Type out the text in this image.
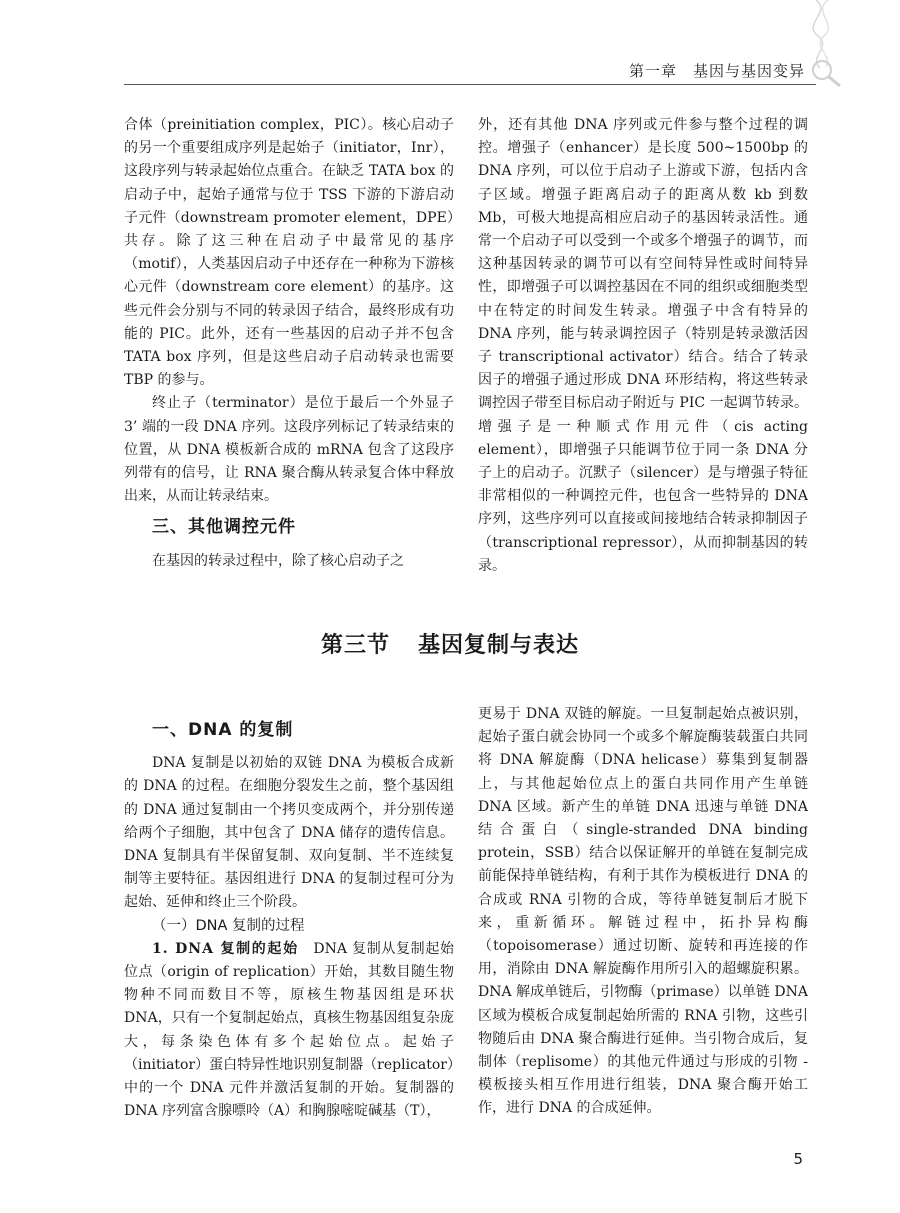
第一章　基因与基因变异

合体（preinitiation complex，PIC）。核心启动子的另一个重要组成序列是起始子（initiator，Inr），这段序列与转录起始位点重合。在缺乏 TATA box 的启动子中，起始子通常与位于 TSS 下游的下游启动子元件（downstream promoter element，DPE）共存。除了这三种在启动子中最常见的基序（motif），人类基因启动子中还存在一种称为下游核心元件（downstream core element）的基序。这些元件会分别与不同的转录因子结合，最终形成有功能的 PIC。此外，还有一些基因的启动子并不包含 TATA box 序列，但是这些启动子启动转录也需要 TBP 的参与。

终止子（terminator）是位于最后一个外显子 3’ 端的一段 DNA 序列。这段序列标记了转录结束的位置，从 DNA 模板新合成的 mRNA 包含了这段序列带有的信号，让 RNA 聚合酶从转录复合体中释放出来，从而让转录结束。

三、其他调控元件

在基因的转录过程中，除了核心启动子之

外，还有其他 DNA 序列或元件参与整个过程的调控。增强子（enhancer）是长度 500~1500bp 的 DNA 序列，可以位于启动子上游或下游，包括内含子区域。增强子距离启动子的距离从数 kb 到数 Mb，可极大地提高相应启动子的基因转录活性。通常一个启动子可以受到一个或多个增强子的调节，而这种基因转录的调节可以有空间特异性或时间特异性，即增强子可以调控基因在不同的组织或细胞类型中在特定的时间发生转录。增强子中含有特异的 DNA 序列，能与转录调控因子（特别是转录激活因子 transcriptional activator）结合。结合了转录因子的增强子通过形成 DNA 环形结构，将这些转录调控因子带至目标启动子附近与 PIC 一起调节转录。增强子是一种顺式作用元件（cis acting element），即增强子只能调节位于同一条 DNA 分子上的启动子。沉默子（silencer）是与增强子特征非常相似的一种调控元件，也包含一些特异的 DNA 序列，这些序列可以直接或间接地结合转录抑制因子（transcriptional repressor），从而抑制基因的转录。

第三节 基因复制与表达
一、DNA 的复制

DNA 复制是以初始的双链 DNA 为模板合成新的 DNA 的过程。在细胞分裂发生之前，整个基因组的 DNA 通过复制由一个拷贝变成两个，并分别传递给两个子细胞，其中包含了 DNA 储存的遗传信息。DNA 复制具有半保留复制、双向复制、半不连续复制等主要特征。基因组进行 DNA 的复制过程可分为起始、延伸和终止三个阶段。

（一）DNA 复制的过程

1. DNA 复制的起始　DNA 复制从复制起始位点（origin of replication）开始，其数目随生物物种不同而数目不等，原核生物基因组是环状 DNA，只有一个复制起始点，真核生物基因组复杂庞大，每条染色体有多个起始位点。起始子（initiator）蛋白特异性地识别复制器（replicator）中的一个 DNA 元件并激活复制的开始。复制器的 DNA 序列富含腺嘌呤（A）和胸腺嘧啶碱基（T），

更易于 DNA 双链的解旋。一旦复制起始点被识别，起始子蛋白就会协同一个或多个解旋酶装载蛋白共同将 DNA 解旋酶（DNA helicase）募集到复制器上，与其他起始位点上的蛋白共同作用产生单链 DNA 区域。新产生的单链 DNA 迅速与单链 DNA 结合蛋白（single-stranded DNA binding protein，SSB）结合以保证解开的单链在复制完成前能保持单链结构，有利于其作为模板进行 DNA 的合成或 RNA 引物的合成，等待单链复制后才脱下来，重新循环。解链过程中，拓扑异构酶（topoisomerase）通过切断、旋转和再连接的作用，消除由 DNA 解旋酶作用所引入的超螺旋积累。DNA 解成单链后，引物酶（primase）以单链 DNA 区域为模板合成复制起始所需的 RNA 引物，这些引物随后由 DNA 聚合酶进行延伸。当引物合成后，复制体（replisome）的其他元件通过与形成的引物 - 模板接头相互作用进行组装，DNA 聚合酶开始工作，进行 DNA 的合成延伸。

5
